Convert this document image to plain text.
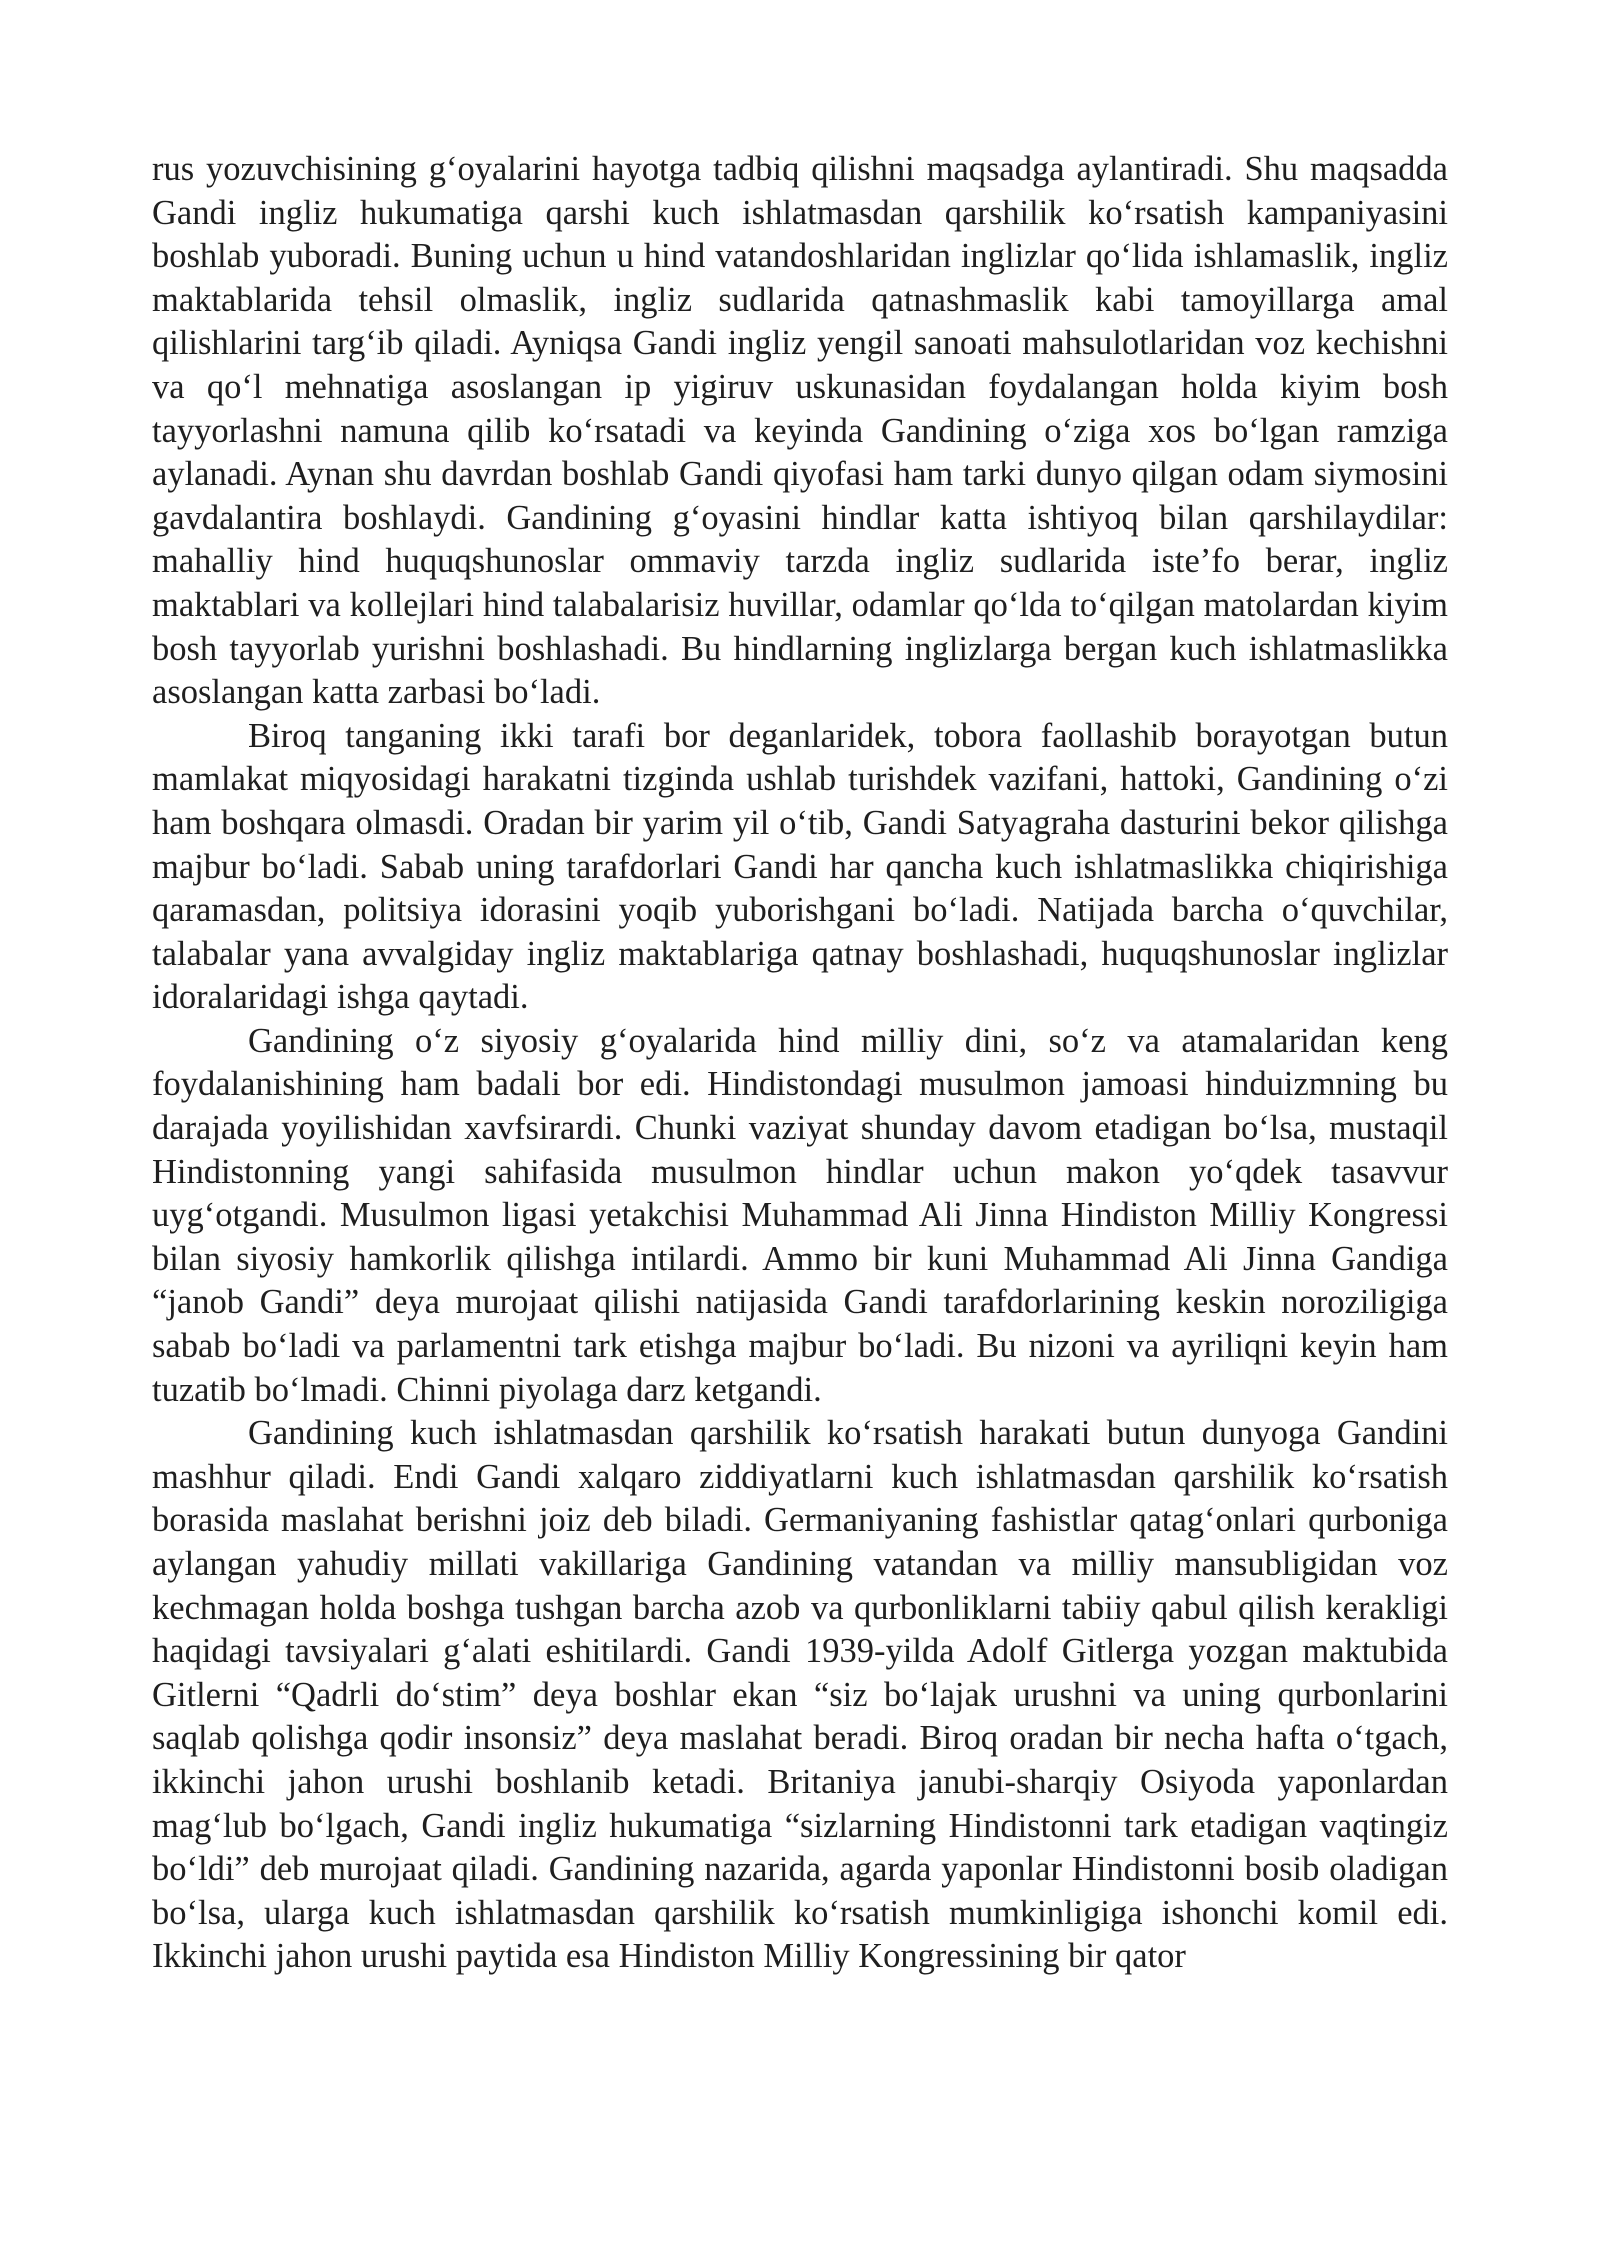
rus yozuvchisining g‘oyalarini hayotga tadbiq qilishni maqsadga aylantiradi. Shu maqsadda Gandi ingliz hukumatiga qarshi kuch ishlatmasdan qarshilik ko‘rsatish kampaniyasini boshlab yuboradi. Buning uchun u hind vatandoshlaridan inglizlar qo‘lida ishlamaslik, ingliz maktablarida tehsil olmaslik, ingliz sudlarida qatnashmaslik kabi tamoyillarga amal qilishlarini targ‘ib qiladi. Ayniqsa Gandi ingliz yengil sanoati mahsulotlaridan voz kechishni va qo‘l mehnatiga asoslangan ip yigiruv uskunasidan foydalangan holda kiyim bosh tayyorlashni namuna qilib ko‘rsatadi va keyinda Gandining o‘ziga xos bo‘lgan ramziga aylanadi. Aynan shu davrdan boshlab Gandi qiyofasi ham tarki dunyo qilgan odam siymosini gavdalantira boshlaydi. Gandining g‘oyasini hindlar katta ishtiyoq bilan qarshilaydilar: mahalliy hind huquqshunoslar ommaviy tarzda ingliz sudlarida iste’fo berar, ingliz maktablari va kollejlari hind talabalarisiz huvillar, odamlar qo‘lda to‘qilgan matolardan kiyim bosh tayyorlab yurishni boshlashadi. Bu hindlarning inglizlarga bergan kuch ishlatmaslikka asoslangan katta zarbasi bo‘ladi.

Biroq tanganing ikki tarafi bor deganlaridek, tobora faollashib borayotgan butun mamlakat miqyosidagi harakatni tizginda ushlab turishdek vazifani, hattoki, Gandining o‘zi ham boshqara olmasdi. Oradan bir yarim yil o‘tib, Gandi Satyagraha dasturini bekor qilishga majbur bo‘ladi. Sabab uning tarafdorlari Gandi har qancha kuch ishlatmaslikka chiqirishiga qaramasdan, politsiya idorasini yoqib yuborishgani bo‘ladi. Natijada barcha o‘quvchilar, talabalar yana avvalgiday ingliz maktablariga qatnay boshlashadi, huquqshunoslar inglizlar idoralaridagi ishga qaytadi.

Gandining o‘z siyosiy g‘oyalarida hind milliy dini, so‘z va atamalaridan keng foydalanishining ham badali bor edi. Hindistondagi musulmon jamoasi hinduizmning bu darajada yoyilishidan xavfsirardi. Chunki vaziyat shunday davom etadigan bo‘lsa, mustaqil Hindistonning yangi sahifasida musulmon hindlar uchun makon yo‘qdek tasavvur uyg‘otgandi. Musulmon ligasi yetakchisi Muhammad Ali Jinna Hindiston Milliy Kongressi bilan siyosiy hamkorlik qilishga intilardi. Ammo bir kuni Muhammad Ali Jinna Gandiga “janob Gandi” deya murojaat qilishi natijasida Gandi tarafdorlarining keskin noroziligiga sabab bo‘ladi va parlamentni tark etishga majbur bo‘ladi. Bu nizoni va ayriliqni keyin ham tuzatib bo‘lmadi. Chinni piyolaga darz ketgandi.

Gandining kuch ishlatmasdan qarshilik ko‘rsatish harakati butun dunyoga Gandini mashhur qiladi. Endi Gandi xalqaro ziddiyatlarni kuch ishlatmasdan qarshilik ko‘rsatish borasida maslahat berishni joiz deb biladi. Germaniyaning fashistlar qatag‘onlari qurboniga aylangan yahudiy millati vakillariga Gandining vatandan va milliy mansubligidan voz kechmagan holda boshga tushgan barcha azob va qurbonliklarni tabiiy qabul qilish kerakligi haqidagi tavsiyalari g‘alati eshitilardi. Gandi 1939-yilda Adolf Gitlerga yozgan maktubida Gitlerni “Qadrli do‘stim” deya boshlar ekan “siz bo‘lajak urushni va uning qurbonlarini saqlab qolishga qodir insonsiz” deya maslahat beradi. Biroq oradan bir necha hafta o‘tgach, ikkinchi jahon urushi boshlanib ketadi. Britaniya janubi-sharqiy Osiyoda yaponlardan mag‘lub bo‘lgach, Gandi ingliz hukumatiga “sizlarning Hindistonni tark etadigan vaqtingiz bo‘ldi” deb murojaat qiladi. Gandining nazarida, agarda yaponlar Hindistonni bosib oladigan bo‘lsa, ularga kuch ishlatmasdan qarshilik ko‘rsatish mumkinligiga ishonchi komil edi. Ikkinchi jahon urushi paytida esa Hindiston Milliy Kongressining bir qator
